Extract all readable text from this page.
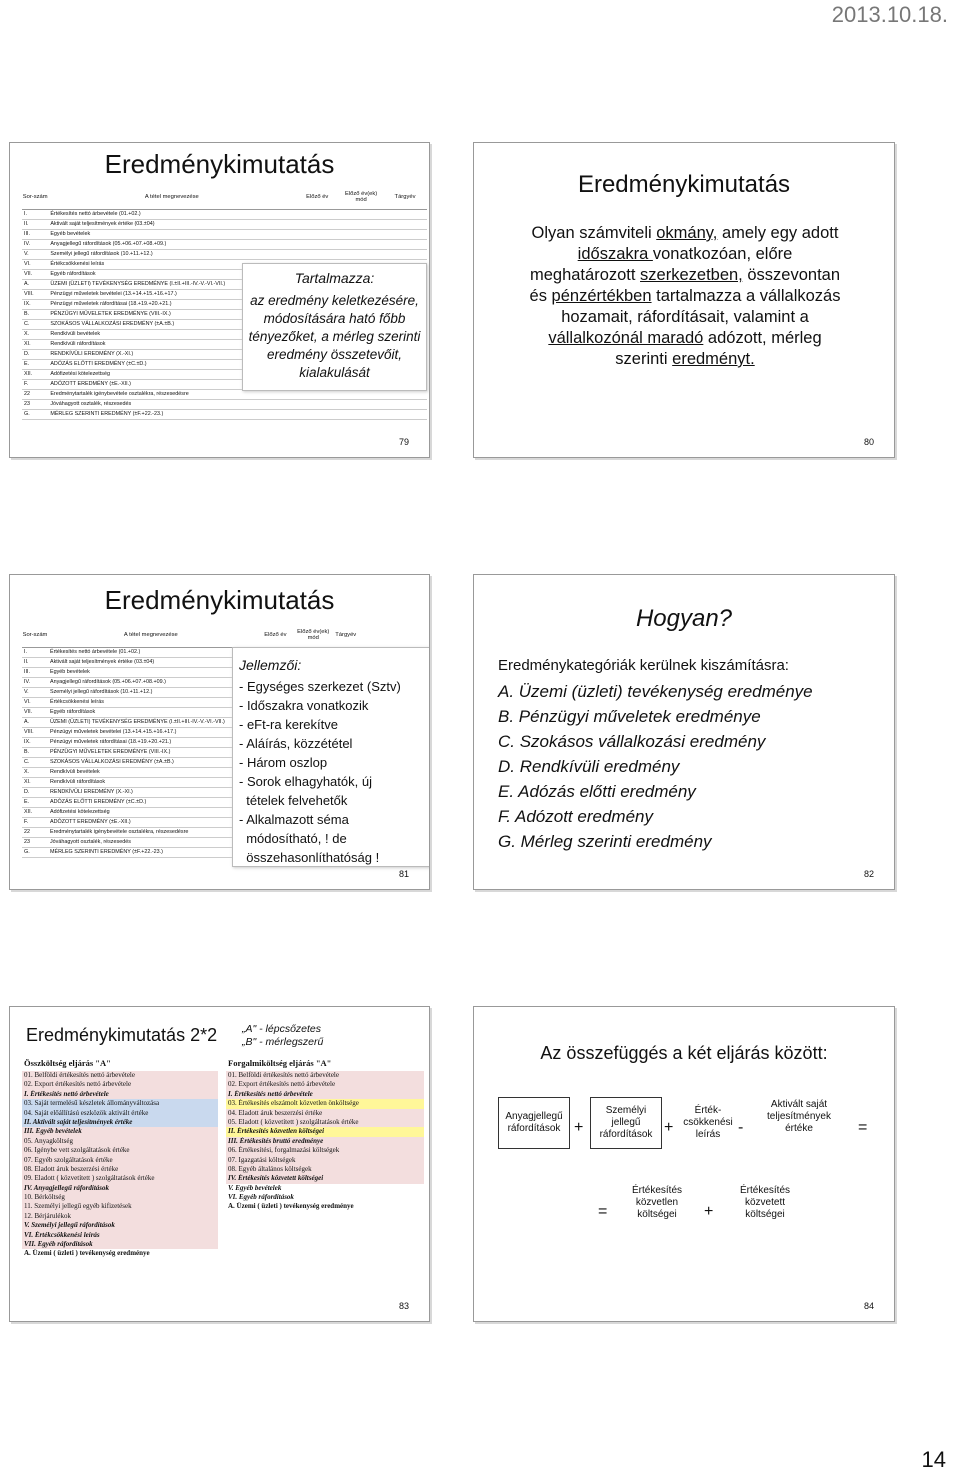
2013.10.18.
Eredménykimutatás
Sor-szám	A tétel megnevezése	Előző év	Előző év(ek) mód	Tárgyév
I.	Értékesítés nettó árbevétele (01.+02.)			
II.	Aktivált saját teljesítmények értéke (03.±04)			
III.	Egyéb bevételek			
IV.	Anyagjellegű ráfordítások (05.+06.+07.+08.+09.)			
V.	Személyi jellegű ráfordítások (10.+11.+12.)			
VI.	Értékcsökkenési leírás			
VII.	Egyéb ráfordítások			
A.	ÜZEMI (ÜZLETI) TEVÉKENYSÉG EREDMÉNYE (I.±II.+III.-IV.-V.-VI.-VII.)			
VIII.	Pénzügyi műveletek bevételei (13.+14.+15.+16.+17.)			
IX.	Pénzügyi műveletek ráfordításai (18.+19.+20.+21.)			
B.	PÉNZÜGYI MŰVELETEK EREDMÉNYE (VIII.-IX.)			
C.	SZOKÁSOS VÁLLALKOZÁSI EREDMÉNY (±A.±B.)			
X.	Rendkívüli bevételek			
XI.	Rendkívüli ráfordítások			
D.	RENDKÍVÜLI EREDMÉNY (X.-XI.)			
E.	ADÓZÁS ELŐTTI EREDMÉNY (±C.±D.)			
XII.	Adófizetési kötelezettség			
F.	ADÓZOTT EREDMÉNY (±E.-XII.)			
22	Eredménytartalék igénybevétele osztalékra, részesedésre			
23	Jóváhagyott osztalék, részesedés			
G.	MÉRLEG SZERINTI EREDMÉNY (±F.+22.-23.)			
Tartalmazza:
az eredmény keletkezésére, módosítására ható főbb tényezőket, a mérleg szerinti eredmény összetevőit, kialakulását
79
Eredménykimutatás
Olyan számviteli okmány, amely egy adott
időszakra vonatkozóan, előre
meghatározott szerkezetben, összevontan
és pénzértékben tartalmazza a vállalkozás
hozamait, ráfordításait, valamint a
vállalkozónál maradó adózott, mérleg
szerinti eredményt.
80
Eredménykimutatás
Sor-szám	A tétel megnevezése	Előző év	Előző év(ek) mód	Tárgyév
I.	Értékesítés nettó árbevétele (01.+02.)			
II.	Aktivált saját teljesítmények értéke (03.±04)			
III.	Egyéb bevételek			
IV.	Anyagjellegű ráfordítások (05.+06.+07.+08.+09.)			
V.	Személyi jellegű ráfordítások (10.+11.+12.)			
VI.	Értékcsökkenési leírás			
VII.	Egyéb ráfordítások			
A.	ÜZEMI (ÜZLETI) TEVÉKENYSÉG EREDMÉNYE (I.±II.+III.-IV.-V.-VI.-VII.)			
VIII.	Pénzügyi műveletek bevételei (13.+14.+15.+16.+17.)			
IX.	Pénzügyi műveletek ráfordításai (18.+19.+20.+21.)			
B.	PÉNZÜGYI MŰVELETEK EREDMÉNYE (VIII.-IX.)			
C.	SZOKÁSOS VÁLLALKOZÁSI EREDMÉNY (±A.±B.)			
X.	Rendkívüli bevételek			
XI.	Rendkívüli ráfordítások			
D.	RENDKÍVÜLI EREDMÉNY (X.-XI.)			
E.	ADÓZÁS ELŐTTI EREDMÉNY (±C.±D.)			
XII.	Adófizetési kötelezettség			
F.	ADÓZOTT EREDMÉNY (±E.-XII.)			
22	Eredménytartalék igénybevétele osztalékra, részesedésre			
23	Jóváhagyott osztalék, részesedés			
G.	MÉRLEG SZERINTI EREDMÉNY (±F.+22.-23.)			
Jellemzői:
- Egységes szerkezet (Sztv)
- Időszakra vonatkozik
- eFt-ra kerekítve
- Aláírás, közzététel
- Három oszlop
- Sorok elhagyhatók, új
tételek felvehetők
- Alkalmazott séma
módosítható, ! de
összehasonlíthatóság !
81
Hogyan?
Eredménykategóriák kerülnek kiszámításra:
A. Üzemi (üzleti) tevékenység eredménye
B. Pénzügyi műveletek eredménye
C. Szokásos vállalkozási eredmény
D. Rendkívüli eredmény
E. Adózás előtti eredmény
F. Adózott eredmény
G. Mérleg szerinti eredmény
82
Eredménykimutatás 2*2 „A" - lépcsőzetes
„B" - mérlegszerű
Összköltség eljárás "A"
01. Belföldi értékesítés nettó árbevétele
02. Export értékesítés nettó árbevétele
I. Értékesítés nettó árbevétele
03. Saját termelésű készletek állományváltozása
04. Saját előállítású eszközök aktivált értéke
II. Aktivált saját teljesítmények értéke
III. Egyéb bevételek
05. Anyagköltség
06. Igénybe vett szolgáltatások értéke
07. Egyéb szolgáltatások értéke
08. Eladott áruk beszerzési értéke
09. Eladott ( közvetített ) szolgáltatások értéke
IV. Anyagjellegű ráfordítások
10. Bérköltség
11. Személyi jellegű egyéb kifizetések
12. Bérjárulékok
V. Személyi jellegű ráfordítások
VI. Értékcsökkenési leírás
VII. Egyéb ráfordítások
A. Üzemi ( üzleti ) tevékenység eredménye
Forgalmiköltség eljárás "A"
01. Belföldi értékesítés nettó árbevétele
02. Export értékesítés nettó árbevétele
I. Értékesítés nettó árbevétele
03. Értékesítés elszámolt közvetlen önköltsége
04. Eladott áruk beszerzési értéke
05. Eladott ( közvetített ) szolgáltatások értéke
II. Értékesítés közvetlen költségei
III. Értékesítés bruttó eredménye
06. Értékesítési, forgalmazási költségek
07. Igazgatási költségek
08. Egyéb általános költségek
IV. Értékesítés közvetett költségei
V. Egyéb bevételek
VI. Egyéb ráfordítások
A. Üzemi ( üzleti ) tevékenység eredménye
83
Az összefüggés a két eljárás között:
Anyagjellegű ráfordítások +
Személyi jellegű ráfordítások +
Érték-csökkenési leírás	-
Aktivált saját teljesítmények értéke	=
=
Értékesítés közvetlen költségei	+
Értékesítés közvetett költségei
84
14
